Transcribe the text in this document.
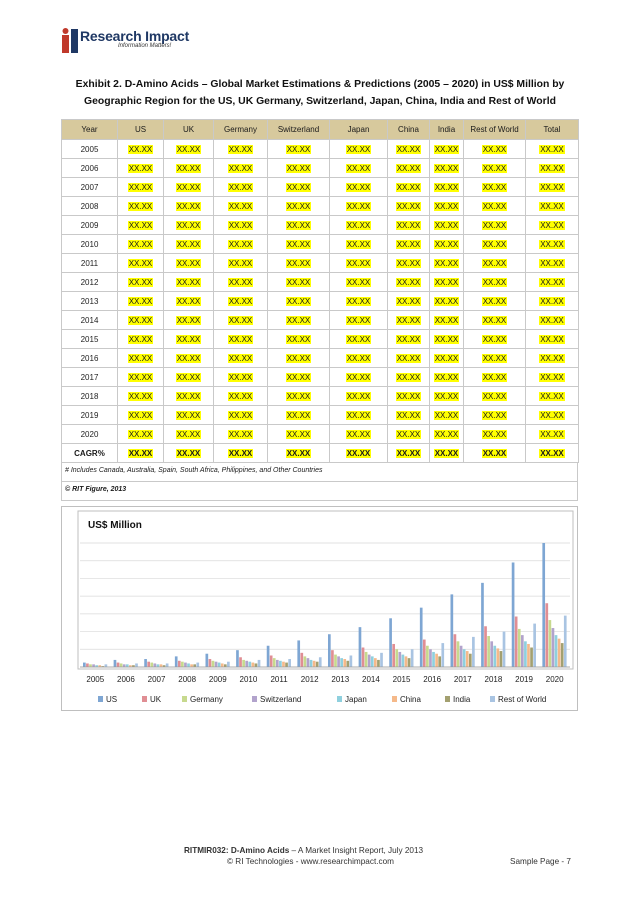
Research Impact
Information Matters!
Exhibit 2. D-Amino Acids – Global Market Estimations & Predictions (2005 – 2020) in US$ Million by
Geographic Region for the US, UK Germany, Switzerland, Japan, China, India and Rest of World
Year	US	UK	Germany	Switzerland	Japan	China	India	Rest of World	Total
2005	XX.XX	XX.XX	XX.XX	XX.XX	XX.XX	XX.XX	XX.XX	XX.XX	XX.XX
2006	XX.XX	XX.XX	XX.XX	XX.XX	XX.XX	XX.XX	XX.XX	XX.XX	XX.XX
2007	XX.XX	XX.XX	XX.XX	XX.XX	XX.XX	XX.XX	XX.XX	XX.XX	XX.XX
2008	XX.XX	XX.XX	XX.XX	XX.XX	XX.XX	XX.XX	XX.XX	XX.XX	XX.XX
2009	XX.XX	XX.XX	XX.XX	XX.XX	XX.XX	XX.XX	XX.XX	XX.XX	XX.XX
2010	XX.XX	XX.XX	XX.XX	XX.XX	XX.XX	XX.XX	XX.XX	XX.XX	XX.XX
2011	XX.XX	XX.XX	XX.XX	XX.XX	XX.XX	XX.XX	XX.XX	XX.XX	XX.XX
2012	XX.XX	XX.XX	XX.XX	XX.XX	XX.XX	XX.XX	XX.XX	XX.XX	XX.XX
2013	XX.XX	XX.XX	XX.XX	XX.XX	XX.XX	XX.XX	XX.XX	XX.XX	XX.XX
2014	XX.XX	XX.XX	XX.XX	XX.XX	XX.XX	XX.XX	XX.XX	XX.XX	XX.XX
2015	XX.XX	XX.XX	XX.XX	XX.XX	XX.XX	XX.XX	XX.XX	XX.XX	XX.XX
2016	XX.XX	XX.XX	XX.XX	XX.XX	XX.XX	XX.XX	XX.XX	XX.XX	XX.XX
2017	XX.XX	XX.XX	XX.XX	XX.XX	XX.XX	XX.XX	XX.XX	XX.XX	XX.XX
2018	XX.XX	XX.XX	XX.XX	XX.XX	XX.XX	XX.XX	XX.XX	XX.XX	XX.XX
2019	XX.XX	XX.XX	XX.XX	XX.XX	XX.XX	XX.XX	XX.XX	XX.XX	XX.XX
2020	XX.XX	XX.XX	XX.XX	XX.XX	XX.XX	XX.XX	XX.XX	XX.XX	XX.XX
CAGR%	XX.XX	XX.XX	XX.XX	XX.XX	XX.XX	XX.XX	XX.XX	XX.XX	XX.XX
# Includes Canada, Australia, Spain, South Africa, Philippines, and Other Countries
© RIT Figure, 2013
US$ Million
2005 2006 2007 2008 2009 2010 2011 2012 2013 2014 2015 2016 2017 2018 2019 2020
US	UK	Germany	Switzerland	Japan	China	India	Rest of World
RITMIR032: D-Amino Acids – A Market Insight Report, July 2013
© RI Technologies - www.researchimpact.com	Sample Page - 7
